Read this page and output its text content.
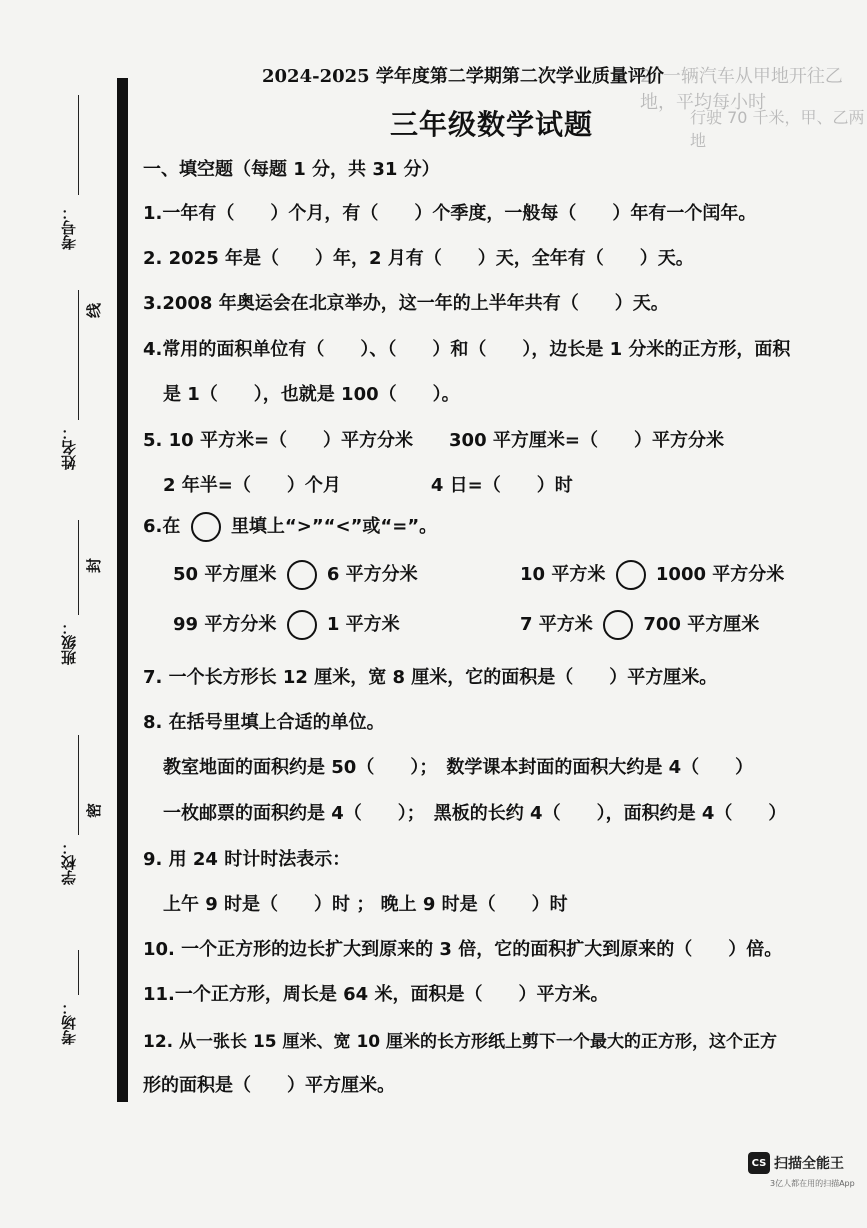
考号：
姓名：
班级：
学校：
考场：
线
封
密
2. 一辆汽车从甲地开往乙地，平均每小时
行驶 70 千米，甲、乙两地
2024-2025 学年度第二学期第二次学业质量评价
三年级数学试题
一、填空题（每题 1 分，共 31 分）
1.一年有（　　）个月，有（　　）个季度，一般每（　　）年有一个闰年。
2. 2025 年是（　　）年，2 月有（　　）天，全年有（　　）天。
3.2008 年奥运会在北京举办，这一年的上半年共有（　　）天。
4.常用的面积单位有（　　）、（　　）和（　　），边长是 1 分米的正方形，面积
是 1（　　），也就是 100（　　）。
5. 10 平方米=（　　）平方分米　　300 平方厘米=（　　）平方分米
2 年半=（　　）个月　　　　　4 日=（　　）时
6.在	里填上“>”“<”或“=”。
50 平方厘米	6 平方分米	10 平方米	1000 平方分米
99 平方分米	1 平方米	7 平方米	700 平方厘米
7. 一个长方形长 12 厘米，宽 8 厘米，它的面积是（　　）平方厘米。
8. 在括号里填上合适的单位。
教室地面的面积约是 50（　　）；　数学课本封面的面积大约是 4（　　）
一枚邮票的面积约是 4（　　）；　黑板的长约 4（　　），面积约是 4（　　）
9. 用 24 时计时法表示：
上午 9 时是（　　）时 ； 晚上 9 时是（　　）时
10. 一个正方形的边长扩大到原来的 3 倍，它的面积扩大到原来的（　　）倍。
11.一个正方形，周长是 64 米，面积是（　　）平方米。
12. 从一张长 15 厘米、宽 10 厘米的长方形纸上剪下一个最大的正方形，这个正方
形的面积是（　　）平方厘米。
CS 扫描全能王
3亿人都在用的扫描App
